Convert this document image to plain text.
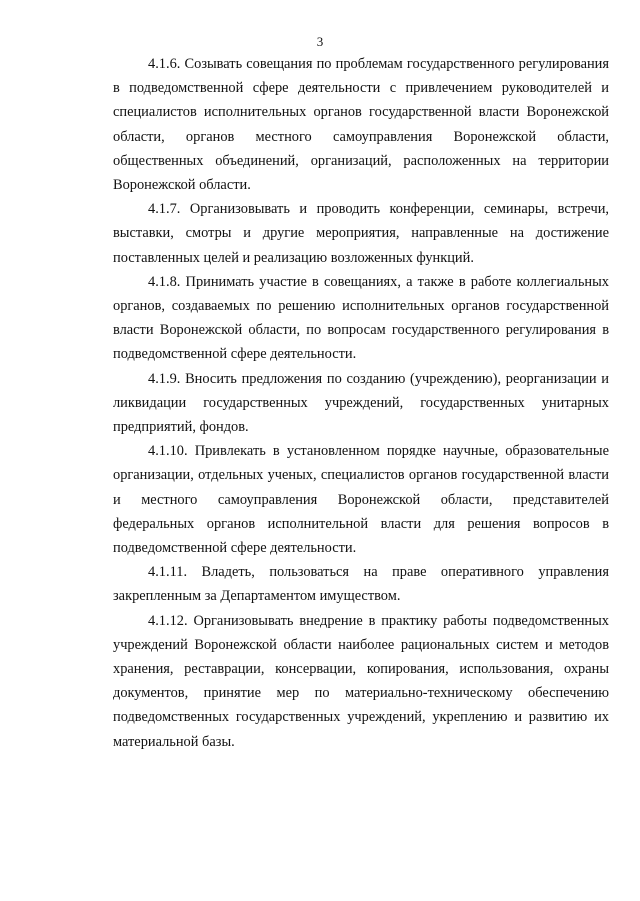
3

4.1.6. Созывать совещания по проблемам государственного регулирования в подведомственной сфере деятельности с привлечением руководителей и специалистов исполнительных органов государственной власти Воронежской области, органов местного самоуправления Воронежской области, общественных объединений, организаций, расположенных на территории Воронежской области.

4.1.7. Организовывать и проводить конференции, семинары, встречи, выставки, смотры и другие мероприятия, направленные на достижение поставленных целей и реализацию возложенных функций.

4.1.8. Принимать участие в совещаниях, а также в работе коллегиальных органов, создаваемых по решению исполнительных органов государственной власти Воронежской области, по вопросам государственного регулирования в подведомственной сфере деятельности.

4.1.9. Вносить предложения по созданию (учреждению), реорганизации и ликвидации государственных учреждений, государственных унитарных предприятий, фондов.

4.1.10. Привлекать в установленном порядке научные, образовательные организации, отдельных ученых, специалистов органов государственной власти и местного самоуправления Воронежской области, представителей федеральных органов исполнительной власти для решения вопросов в подведомственной сфере деятельности.

4.1.11. Владеть, пользоваться на праве оперативного управления закрепленным за Департаментом имуществом.

4.1.12. Организовывать внедрение в практику работы подведомственных учреждений Воронежской области наиболее рациональных систем и методов хранения, реставрации, консервации, копирования, использования, охраны документов, принятие мер по материально-техническому обеспечению подведомственных государственных учреждений, укреплению и развитию их материальной базы.
